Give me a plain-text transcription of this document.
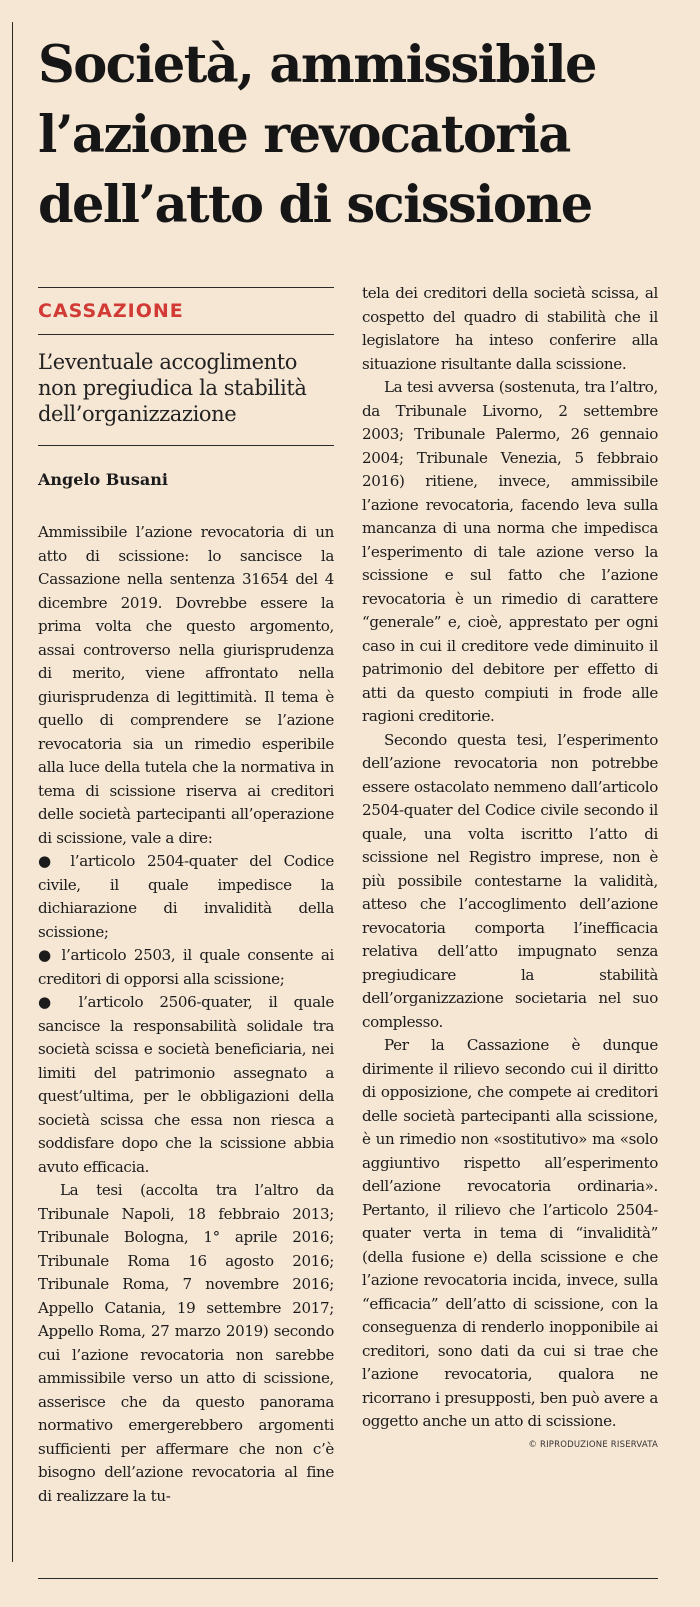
Società, ammissibile l’azione revocatoria dell’atto di scissione
CASSAZIONE
L’eventuale accoglimento non pregiudica la stabilità dell’organizzazione
Angelo Busani

Ammissibile l’azione revocatoria di un atto di scissione: lo sancisce la Cassazione nella sentenza 31654 del 4 dicembre 2019. Dovrebbe essere la prima volta che questo argomento, assai controverso nella giurisprudenza di merito, viene affrontato nella giurisprudenza di legittimità. Il tema è quello di comprendere se l’azione revocatoria sia un rimedio esperibile alla luce della tutela che la normativa in tema di scissione riserva ai creditori delle società partecipanti all’operazione di scissione, vale a dire:

● l’articolo 2504-quater del Codice civile, il quale impedisce la dichiarazione di invalidità della scissione;

● l’articolo 2503, il quale consente ai creditori di opporsi alla scissione;

● l’articolo 2506-quater, il quale sancisce la responsabilità solidale tra società scissa e società beneficiaria, nei limiti del patrimonio assegnato a quest’ultima, per le obbligazioni della società scissa che essa non riesca a soddisfare dopo che la scissione abbia avuto efficacia.

La tesi (accolta tra l’altro da Tribunale Napoli, 18 febbraio 2013; Tribunale Bologna, 1° aprile 2016; Tribunale Roma 16 agosto 2016; Tribunale Roma, 7 novembre 2016; Appello Catania, 19 settembre 2017; Appello Roma, 27 marzo 2019) secondo cui l’azione revocatoria non sarebbe ammissibile verso un atto di scissione, asserisce che da questo panorama normativo emergerebbero argomenti sufficienti per affermare che non c’è bisogno dell’azione revocatoria al fine di realizzare la tu-

tela dei creditori della società scissa, al cospetto del quadro di stabilità che il legislatore ha inteso conferire alla situazione risultante dalla scissione.

La tesi avversa (sostenuta, tra l’altro, da Tribunale Livorno, 2 settembre 2003; Tribunale Palermo, 26 gennaio 2004; Tribunale Venezia, 5 febbraio 2016) ritiene, invece, ammissibile l’azione revocatoria, facendo leva sulla mancanza di una norma che impedisca l’esperimento di tale azione verso la scissione e sul fatto che l’azione revocatoria è un rimedio di carattere “generale” e, cioè, apprestato per ogni caso in cui il creditore vede diminuito il patrimonio del debitore per effetto di atti da questo compiuti in frode alle ragioni creditorie.

Secondo questa tesi, l’esperimento dell’azione revocatoria non potrebbe essere ostacolato nemmeno dall’articolo 2504-quater del Codice civile secondo il quale, una volta iscritto l’atto di scissione nel Registro imprese, non è più possibile contestarne la validità, atteso che l’accoglimento dell’azione revocatoria comporta l’inefficacia relativa dell’atto impugnato senza pregiudicare la stabilità dell’organizzazione societaria nel suo complesso.

Per la Cassazione è dunque dirimente il rilievo secondo cui il diritto di opposizione, che compete ai creditori delle società partecipanti alla scissione, è un rimedio non «sostitutivo» ma «solo aggiuntivo rispetto all’esperimento dell’azione revocatoria ordinaria». Pertanto, il rilievo che l’articolo 2504-quater verta in tema di “invalidità” (della fusione e) della scissione e che l’azione revocatoria incida, invece, sulla “efficacia” dell’atto di scissione, con la conseguenza di renderlo inopponibile ai creditori, sono dati da cui si trae che l’azione revocatoria, qualora ne ricorrano i presupposti, ben può avere a oggetto anche un atto di scissione.

© RIPRODUZIONE RISERVATA
